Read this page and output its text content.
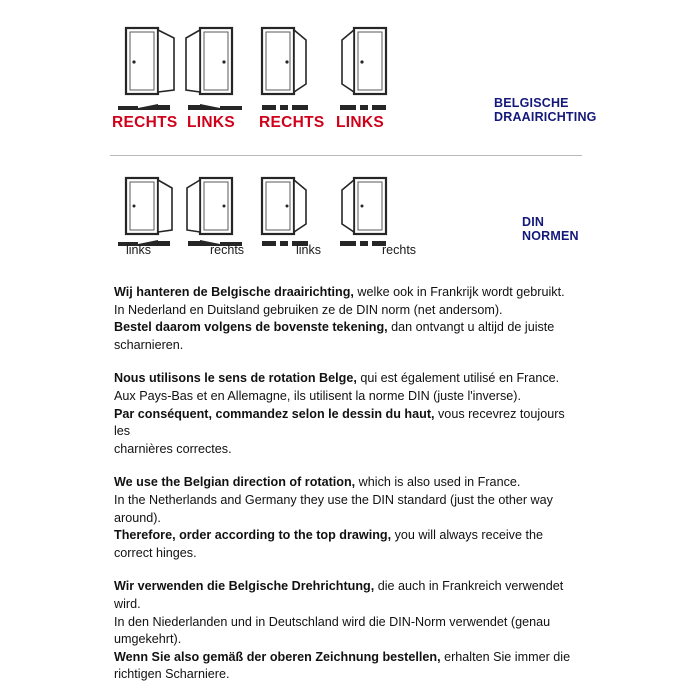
BELGISCHE DRAAIRICHTING
RECHTS LINKS	RECHTS LINKS
DIN NORMEN
links	rechts	links	rechts

Wij hanteren de Belgische draairichting, welke ook in Frankrijk wordt gebruikt.

In Nederland en Duitsland gebruiken ze de DIN norm (net andersom).

Bestel daarom volgens de bovenste tekening, dan ontvangt u altijd de juiste

scharnieren.

Nous utilisons le sens de rotation Belge, qui est également utilisé en France.

Aux Pays-Bas et en Allemagne, ils utilisent la norme DIN (juste l'inverse).

Par conséquent, commandez selon le dessin du haut, vous recevrez toujours les

charnières correctes.

We use the Belgian direction of rotation, which is also used in France.

In the Netherlands and Germany they use the DIN standard (just the other way

around).

Therefore, order according to the top drawing, you will always receive the

correct hinges.

Wir verwenden die Belgische Drehrichtung, die auch in Frankreich verwendet

wird.

In den Niederlanden und in Deutschland wird die DIN-Norm verwendet (genau

umgekehrt).

Wenn Sie also gemäß der oberen Zeichnung bestellen, erhalten Sie immer die

richtigen Scharniere.
